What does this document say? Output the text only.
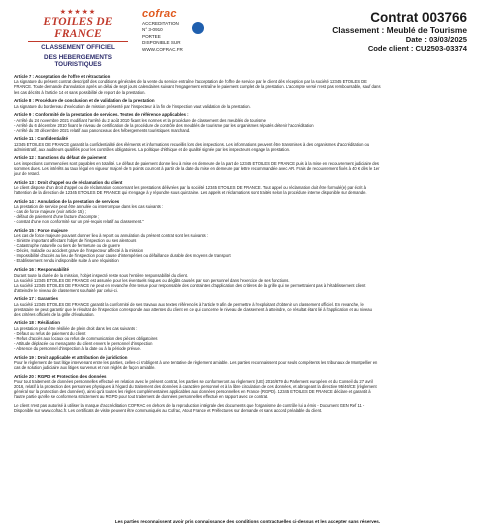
★★★★★
ETOILES DE FRANCE
CLASSEMENT OFFICIEL
DES HEBERGEMENTS TOURISTIQUES
cofrac
ACCREDITATION
N° 3-0910
PORTEE
DISPONIBLE SUR
WWW.COFRAC.FR
Contrat 003766
Classement : Meublé de Tourisme
Date : 03/03/2025
Code client : CU2503-03374
Article 7 : Acceptation de l'offre et rétractation

La signature du présent contrat descriptif des conditions générales de la vente du service entraîne l'acceptation de l'offre de service par le client dès réception par la société 12345 ETOILES DE

FRANCE. Toute demande d'annulation après un délai de sept jours calendaires suivant l'engagement entraîne le paiement complet de la prestation. L'acompte versé n'est pas remboursable, sauf dans

les cas décrits à l'article 14 et sans possibilité de report de la prestation.

Article 8 : Procédure de conclusion et de validation de la prestation

La signature du bordereau d'exécution de mission présenté par l'inspecteur à la fin de l'inspection vaut validation de la prestation.

Article 9 : Conformité de la prestation de services. Textes de référence applicables :

- Arrêté du 24 novembre 2021 modifiant l'arrêté du 2 août 2010 fixant les normes et la procédure de classement des meublés de tourisme

- Arrêté du 6 décembre 2010 fixant le niveau de certification de la procédure de contrôle des meublés de tourisme par les organismes réputés détenir l'accréditation

- Arrêté du 30 décembre 2021 relatif aux panonceaux des hébergements touristiques marchand.

Article 11 : Confidentialité

12345 ETOILES DE FRANCE garantit la confidentialité des éléments et informations recueillis lors des inspections. Les informations peuvent être transmises à des organismes d'accréditation ou

administratif, aux auditeurs qualifiés pour les contrôles obligatoires. La politique d'éthique et de qualité signée par les inspecteurs engage la prestation.

Article 12 : Sanctions du défaut de paiement

Les inspections commencées sont payables en totalité. Le défaut de paiement donne lieu à mise en demeure de la part de 12345 ETOILES DE FRANCE puis à la mise en recouvrement judiciaire des

sommes dues. Les intérêts au taux légal en vigueur majoré de 5 points courront à partir de la date du mise en demeure par lettre recommandée avec AR. Frais de recouvrement fixés à 40 € dès le 1er

jour de retard.

Article 13 : Droit d'appel ou de réclamation du client

Le client dispose d'un droit d'appel ou de réclamation concernant les prestations délivrées par la société 12345 ETOILES DE FRANCE. Tout appel ou réclamation doit être formulé(e) par écrit à

l'attention de la direction de 12345 ETOILES DE FRANCE qui s'engage à y répondre sous quinzaine. Les appels et réclamations sont traités selon la procédure interne disponible sur demande.

Article 14 : Annulation de la prestation de services

La prestation de service peut être annulée ou interrompue dans les cas suivants :

- cas de force majeure (voir article 15) ;

- défaut de paiement d'une facture d'acompte ;

- constat d'une non conformité sur un pré-requis relatif au classement."

Article 15 : Force majeure

Les cas de force majeure pouvant donner lieu à report ou annulation du présent contrat sont les suivants :

- Sinistre important affectant l'objet de l'inspection ou ses alentours

- Catastrophe naturelle ou tiers de fermeture ou de guerre

- Décès, maladie ou accident grave de l'inspecteur affecté à la mission

- Impossibilité d'accès au lieu de l'inspection pour cause d'intempéries ou défaillance durable des moyens de transport

- Etablissement rendu indisponible suite à une réquisition

Article 16 : Responsabilité

Durant toute la durée de la mission, l'objet inspecté reste sous l'entière responsabilité du client.

La société 12345 ETOILES DE FRANCE est assurée pour les éventuels risques ou dégâts causés par son personnel dans l'exercice de ses fonctions.

La société 12345 ETOILES DE FRANCE ne peut en revanche être tenue pour responsable des contraintes d'application des critères de la grille qui ne permettraient pas à l'établissement client

d'atteindre le niveau de classement souhaité par celui-ci.

Article 17 : Garanties

La société 12345 ETOILES DE FRANCE garantit la conformité de ses travaux aux textes référencés à l'article 9 afin de permettre à l'exploitant d'obtenir un classement officiel. En revanche, le

prestataire ne peut garantir que le résultat de l'inspection corresponde aux attentes du client en ce qui concerne le niveau de classement à atteindre, ce résultat étant lié à l'application et au niveau

des critères officiels de la grille d'évaluation.

Article 18 : Résiliation

La prestation peut être résiliée de plein droit dans les cas suivants :

- Défaut ou refus de paiement du client

- Refus d'accès aux locaux ou refus de communication des pièces obligatoires

- Attitude déplacée ou menaçante du client envers le personnel d'inspection

- Absence du personnel d'inspection à la date ou à la période prévue.

Article 19 : Droit applicable et attribution de juridiction

Pour le règlement de tout litige intervenant entre les parties, celles-ci s'obligent à une tentative de règlement amiable. Les parties reconnaissent pour seuls compétents les tribunaux de Montpellier en

cas de solution judiciaire aux litiges survenus et non réglés de façon amiable.

Article 20 : RGPD et Protection des données

Pour tout traitement de données personnelles effectué en relation avec le présent contrat, les parties se conformeront au règlement (UE) 2016/679 du Parlement européen et du Conseil du 27 avril

2016, relatif à la protection des personnes physiques à l'égard du traitement des données à caractère personnel et à la libre circulation de ces données, et abrogeant la directive 95/46/CE (règlement

général sur la protection des données), ainsi qu'à toutes les règles complémentaires applicables aux données personnelles en France (RGPD). 12345 ETOILES DE FRANCE déclare et garantit à

l'autre partie qu'elle se conformera strictement au RGPD pour tout traitement de données personnelles effectué en rapport avec ce contrat.

Le client n'est pas autorisé à utiliser la marque d'accréditation COFRAC en dehors de la reproduction intégrale des documents que l'organisme de contrôle lui a émis - Document GEN Ref 11 -

Disponible sur www.cofrac.fr. Les certificats de visite peuvent être communiqués au Cofrac, Atout France et Préfectures sur demande et sans accord préalable du client.

Les parties reconnaissent avoir pris connaissance des conditions contractuelles ci-dessus et les accepter sans réserves.
